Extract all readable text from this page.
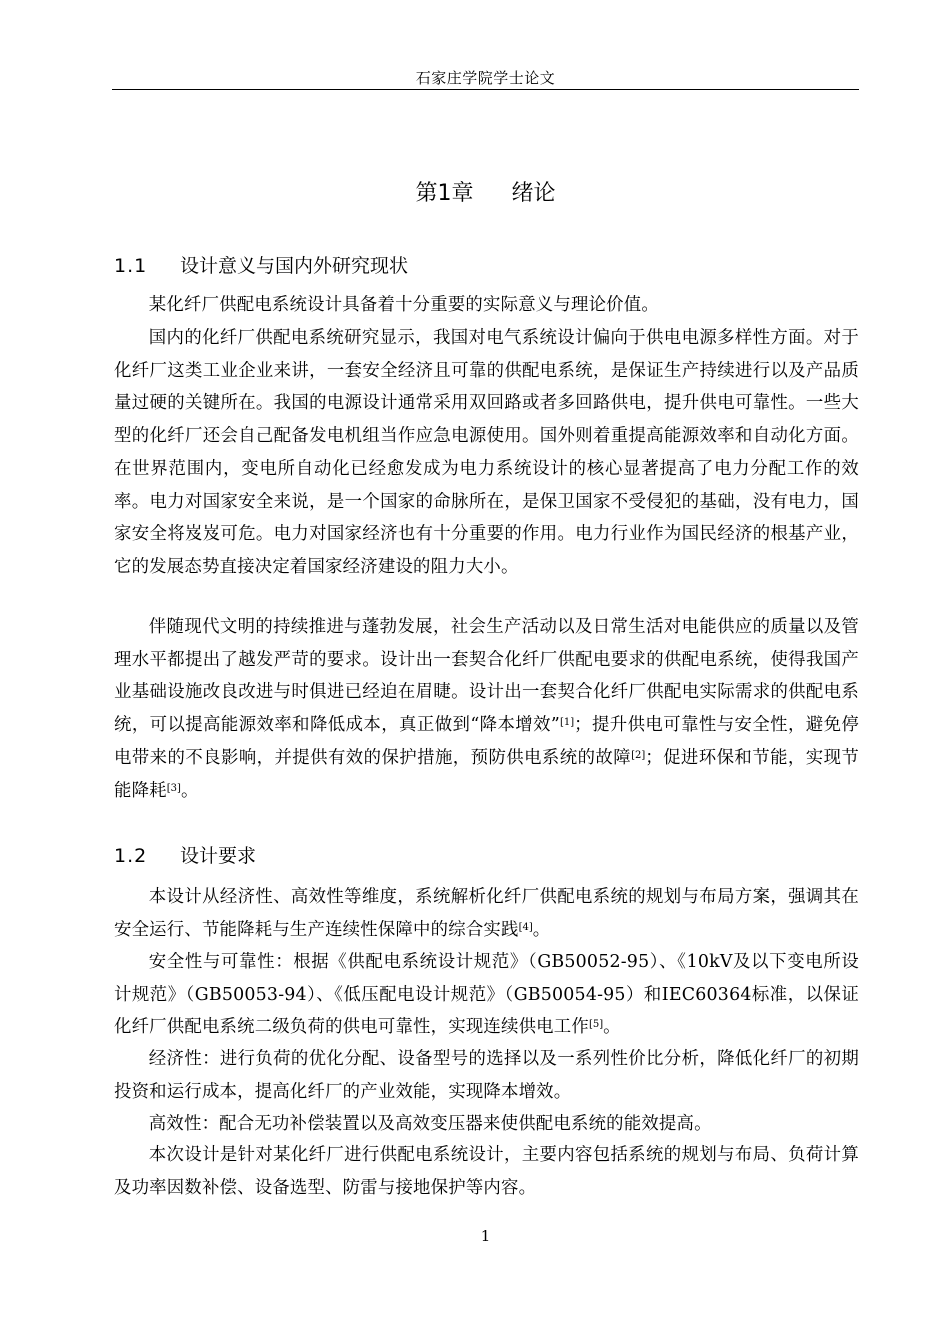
石家庄学院学士论文
第1章 绪论
1.1 设计意义与国内外研究现状

某化纤厂供配电系统设计具备着十分重要的实际意义与理论价值。

国内的化纤厂供配电系统研究显示，我国对电气系统设计偏向于供电电源多样性方面。对于化纤厂这类工业企业来讲，一套安全经济且可靠的供配电系统，是保证生产持续进行以及产品质量过硬的关键所在。我国的电源设计通常采用双回路或者多回路供电，提升供电可靠性。一些大型的化纤厂还会自己配备发电机组当作应急电源使用。国外则着重提高能源效率和自动化方面。在世界范围内，变电所自动化已经愈发成为电力系统设计的核心显著提高了电力分配工作的效率。电力对国家安全来说，是一个国家的命脉所在，是保卫国家不受侵犯的基础，没有电力，国家安全将岌岌可危。电力对国家经济也有十分重要的作用。电力行业作为国民经济的根基产业，它的发展态势直接决定着国家经济建设的阻力大小。

伴随现代文明的持续推进与蓬勃发展，社会生产活动以及日常生活对电能供应的质量以及管理水平都提出了越发严苛的要求。设计出一套契合化纤厂供配电要求的供配电系统，使得我国产业基础设施改良改进与时俱进已经迫在眉睫。设计出一套契合化纤厂供配电实际需求的供配电系统，可以提高能源效率和降低成本，真正做到“降本增效”[1]；提升供电可靠性与安全性，避免停电带来的不良影响，并提供有效的保护措施，预防供电系统的故障[2]；促进环保和节能，实现节能降耗[3]。

1.2 设计要求

本设计从经济性、高效性等维度，系统解析化纤厂供配电系统的规划与布局方案，强调其在安全运行、节能降耗与生产连续性保障中的综合实践[4]。

安全性与可靠性：根据《供配电系统设计规范》（GB50052-95）、《10kV及以下变电所设计规范》（GB50053-94）、《低压配电设计规范》（GB50054-95）和IEC60364标准，以保证化纤厂供配电系统二级负荷的供电可靠性，实现连续供电工作[5]。

经济性：进行负荷的优化分配、设备型号的选择以及一系列性价比分析，降低化纤厂的初期投资和运行成本，提高化纤厂的产业效能，实现降本增效。

高效性：配合无功补偿装置以及高效变压器来使供配电系统的能效提高。

本次设计是针对某化纤厂进行供配电系统设计，主要内容包括系统的规划与布局、负荷计算及功率因数补偿、设备选型、防雷与接地保护等内容。

1
